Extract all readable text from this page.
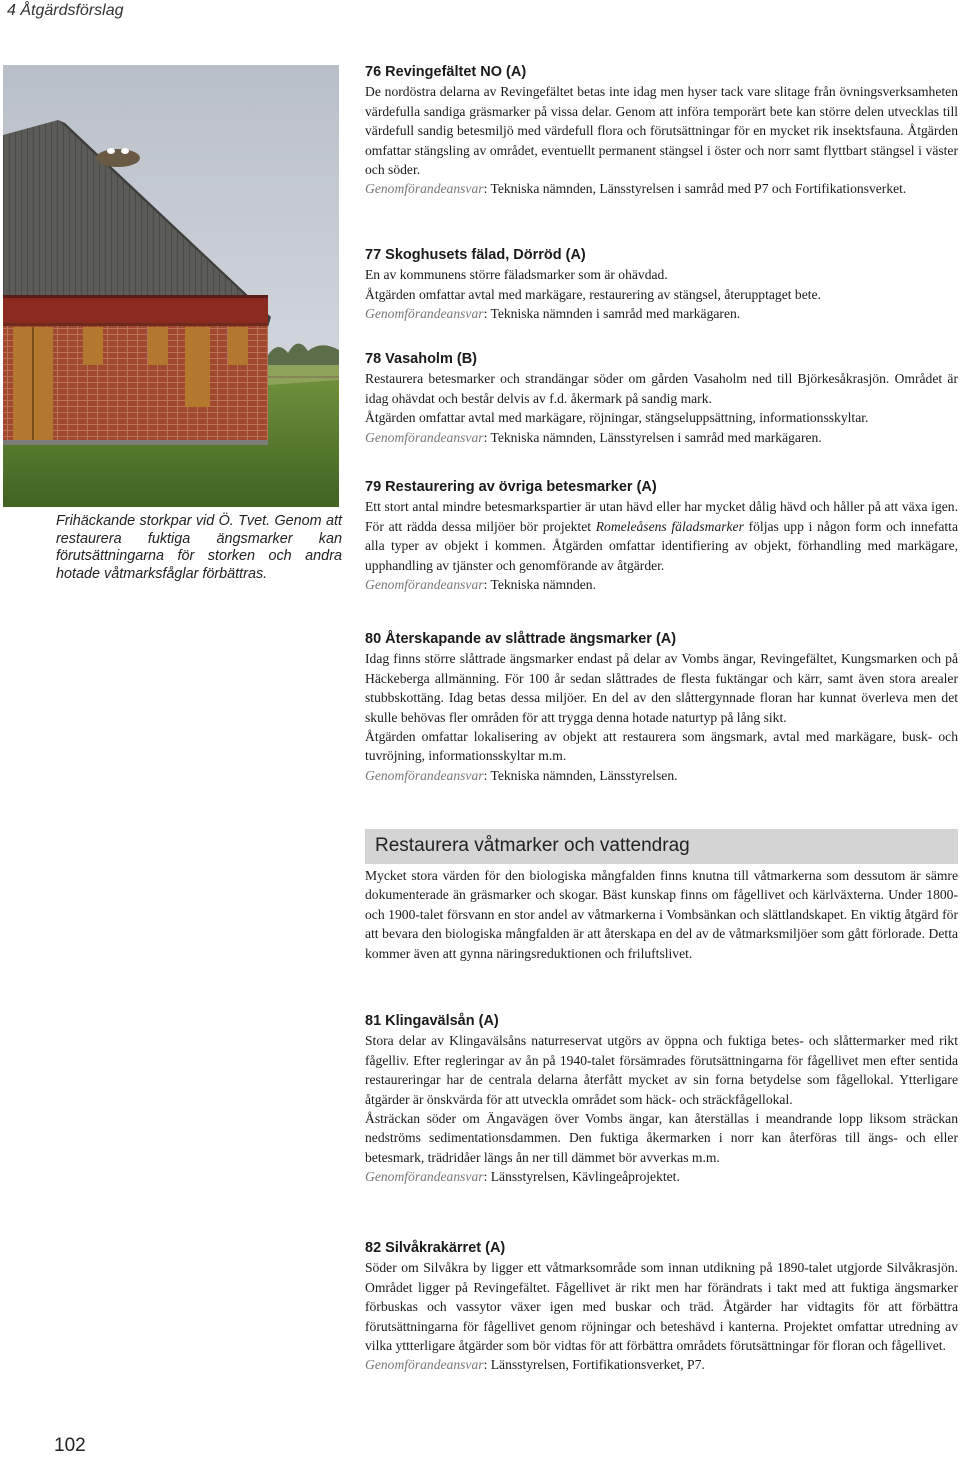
4 Åtgärdsförslag
Frihäckande storkpar vid Ö. Tvet. Genom att restaurera fuktiga ängsmarker kan förutsättningarna för storken och andra hotade våtmarksfåglar förbättras.
76 Revingefältet NO (A)

De nordöstra delarna av Revingefältet betas inte idag men hyser tack vare slitage från övningsverksamheten värdefulla sandiga gräsmarker på vissa delar. Genom att införa temporärt bete kan större delen utvecklas till värdefull sandig betesmiljö med värdefull flora och förutsättningar för en mycket rik insektsfauna. Åtgärden omfattar stängsling av området, eventuellt permanent stängsel i öster och norr samt flyttbart stängsel i väster och söder.

Genomförandeansvar: Tekniska nämnden, Länsstyrelsen i samråd med P7 och Fortifikationsverket.

77 Skoghusets fälad, Dörröd (A)

En av kommunens större fäladsmarker som är ohävdad.

Åtgärden omfattar avtal med markägare, restaurering av stängsel, återupptaget bete.

Genomförandeansvar: Tekniska nämnden i samråd med markägaren.

78 Vasaholm (B)

Restaurera betesmarker och strandängar söder om gården Vasaholm ned till Björkesåkrasjön. Området är idag ohävdat och består delvis av f.d. åkermark på sandig mark.

Åtgärden omfattar avtal med markägare, röjningar, stängseluppsättning, informationsskyltar.

Genomförandeansvar: Tekniska nämnden, Länsstyrelsen i samråd med markägaren.

79 Restaurering av övriga betesmarker (A)

Ett stort antal mindre betesmarkspartier är utan hävd eller har mycket dålig hävd och håller på att växa igen. För att rädda dessa miljöer bör projektet Romeleåsens fäladsmarker följas upp i någon form och innefatta alla typer av objekt i kommen. Åtgärden omfattar identifiering av objekt, förhandling med markägare, upphandling av tjänster och genomförande av åtgärder.

Genomförandeansvar: Tekniska nämnden.

80 Återskapande av slåttrade ängsmarker (A)

Idag finns större slåttrade ängsmarker endast på delar av Vombs ängar, Revingefältet, Kungsmarken och på Häckeberga allmänning. För 100 år sedan slåttrades de flesta fuktängar och kärr, samt även stora arealer stubbskottäng. Idag betas dessa miljöer. En del av den slåttergynnade floran har kunnat överleva men det skulle behövas fler områden för att trygga denna hotade naturtyp på lång sikt.

Åtgärden omfattar lokalisering av objekt att restaurera som ängsmark, avtal med markägare, busk- och tuvröjning, informationsskyltar m.m.

Genomförandeansvar: Tekniska nämnden, Länsstyrelsen.

Restaurera våtmarker och vattendrag

Mycket stora värden för den biologiska mångfalden finns knutna till våtmarkerna som dessutom är sämre dokumenterade än gräsmarker och skogar. Bäst kunskap finns om fågellivet och kärlväxterna. Under 1800- och 1900-talet försvann en stor andel av våtmarkerna i Vombsänkan och slättlandskapet. En viktig åtgärd för att bevara den biologiska mångfalden är att återskapa en del av de våtmarksmiljöer som gått förlorade. Detta kommer även att gynna näringsreduktionen och friluftslivet.

81 Klingavälsån (A)

Stora delar av Klingavälsåns naturreservat utgörs av öppna och fuktiga betes- och slåttermarker med rikt fågelliv. Efter regleringar av ån på 1940-talet försämrades förutsättningarna för fågellivet men efter sentida restaureringar har de centrala delarna återfått mycket av sin forna betydelse som fågellokal. Ytterligare åtgärder är önskvärda för att utveckla området som häck- och sträckfågellokal.

Åsträckan söder om Ängavägen över Vombs ängar, kan återställas i meandrande lopp liksom sträckan nedströms sedimentationsdammen. Den fuktiga åkermarken i norr kan återföras till ängs- och eller betesmark, trädridåer längs ån ner till dämmet bör avverkas m.m.

Genomförandeansvar: Länsstyrelsen, Kävlingeåprojektet.

82 Silvåkrakärret (A)

Söder om Silvåkra by ligger ett våtmarksområde som innan utdikning på 1890-talet utgjorde Silvåkrasjön. Området ligger på Revingefältet. Fågellivet är rikt men har förändrats i takt med att fuktiga ängsmarker förbuskas och vassytor växer igen med buskar och träd. Åtgärder har vidtagits för att förbättra förutsättningarna för fågellivet genom röjningar och beteshävd i kanterna. Projektet omfattar utredning av vilka yttterligare åtgärder som bör vidtas för att förbättra områdets förutsättningar för floran och fågellivet.

Genomförandeansvar: Länsstyrelsen, Fortifikationsverket, P7.

102
